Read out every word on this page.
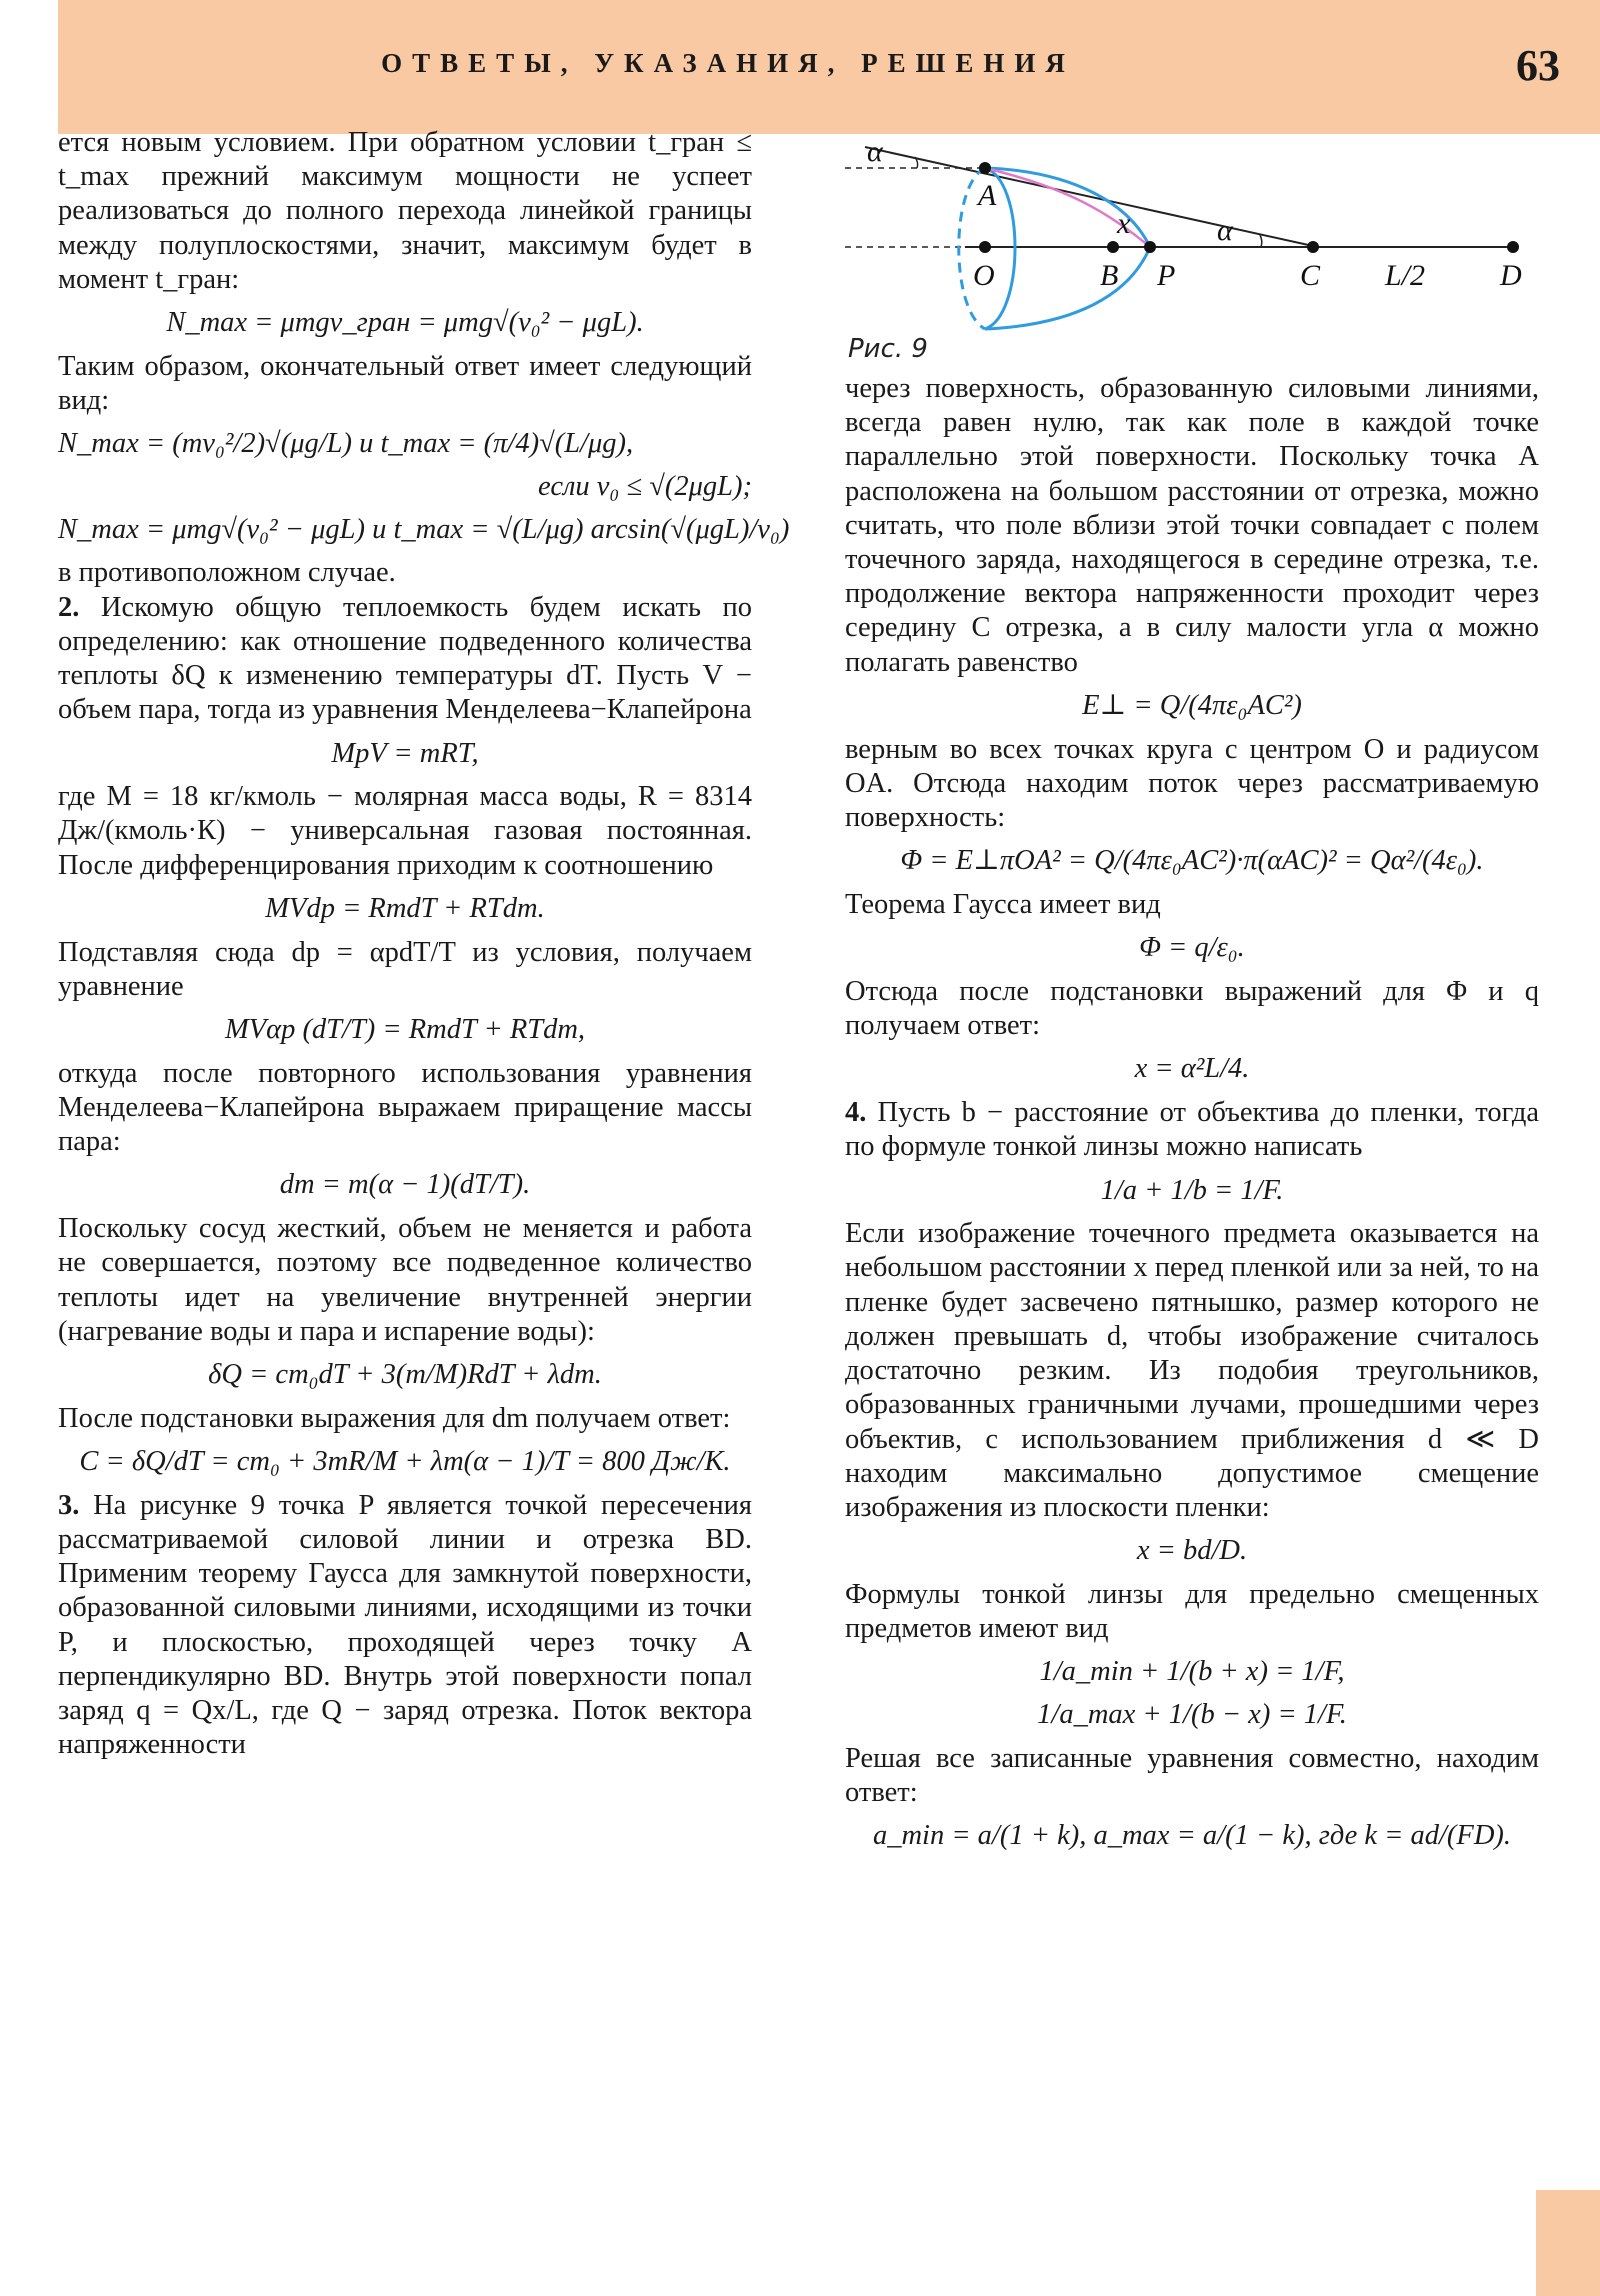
ОТВЕТЫ, УКАЗАНИЯ, РЕШЕНИЯ	63
α
A
x	α
O	B P	C L/2 D
Рис. 9

ется новым условием. При обратном условии t_гран ≤ t_max прежний максимум мощности не успеет реализоваться до полного перехода линейкой границы между полуплоскостями, значит, максимум будет в момент t_гран:

N_max = μmgv_гран = μmg√(v₀² − μgL).

Таким образом, окончательный ответ имеет следующий вид:

N_max = (mv₀²/2)√(μg/L) и t_max = (π/4)√(L/μg),
если v₀ ≤ √(2μgL);
N_max = μmg√(v₀² − μgL) и t_max = √(L/μg) arcsin(√(μgL)/v₀)

в противоположном случае.

2. Искомую общую теплоемкость будем искать по определению: как отношение подведенного количества теплоты δQ к изменению температуры dT. Пусть V − объем пара, тогда из уравнения Менделеева−Клапейрона

MpV = mRT,

где M = 18 кг/кмоль − молярная масса воды, R = 8314 Дж/(кмоль·К) − универсальная газовая постоянная. После дифференцирования приходим к соотношению

MVdp = RmdT + RTdm.

Подставляя сюда dp = αpdT/T из условия, получаем уравнение

MVαp (dT/T) = RmdT + RTdm,

откуда после повторного использования уравнения Менделеева−Клапейрона выражаем приращение массы пара:

dm = m(α − 1)(dT/T).

Поскольку сосуд жесткий, объем не меняется и работа не совершается, поэтому все подведенное количество теплоты идет на увеличение внутренней энергии (нагревание воды и пара и испарение воды):

δQ = cm₀dT + 3(m/M)RdT + λdm.

После подстановки выражения для dm получаем ответ:

C = δQ/dT = cm₀ + 3mR/M + λm(α − 1)/T = 800 Дж/К.

3. На рисунке 9 точка P является точкой пересечения рассматриваемой силовой линии и отрезка BD. Применим теорему Гаусса для замкнутой поверхности, образованной силовыми линиями, исходящими из точки P, и плоскостью, проходящей через точку A перпендикулярно BD. Внутрь этой поверхности попал заряд q = Qx/L, где Q − заряд отрезка. Поток вектора напряженности

через поверхность, образованную силовыми линиями, всегда равен нулю, так как поле в каждой точке параллельно этой поверхности. Поскольку точка A расположена на большом расстоянии от отрезка, можно считать, что поле вблизи этой точки совпадает с полем точечного заряда, находящегося в середине отрезка, т.е. продолжение вектора напряженности проходит через середину C отрезка, а в силу малости угла α можно полагать равенство

E⊥ = Q/(4πε₀AC²)

верным во всех точках круга с центром O и радиусом OA. Отсюда находим поток через рассматриваемую поверхность:

Φ = E⊥πOA² = Q/(4πε₀AC²)·π(αAC)² = Qα²/(4ε₀).

Теорема Гаусса имеет вид

Φ = q/ε₀.

Отсюда после подстановки выражений для Φ и q получаем ответ:

x = α²L/4.

4. Пусть b − расстояние от объектива до пленки, тогда по формуле тонкой линзы можно написать

1/a + 1/b = 1/F.

Если изображение точечного предмета оказывается на небольшом расстоянии x перед пленкой или за ней, то на пленке будет засвечено пятнышко, размер которого не должен превышать d, чтобы изображение считалось достаточно резким. Из подобия треугольников, образованных граничными лучами, прошедшими через объектив, с использованием приближения d ≪ D находим максимально допустимое смещение изображения из плоскости пленки:

x = bd/D.

Формулы тонкой линзы для предельно смещенных предметов имеют вид

1/a_min + 1/(b + x) = 1/F,
1/a_max + 1/(b − x) = 1/F.

Решая все записанные уравнения совместно, находим ответ:

a_min = a/(1 + k), a_max = a/(1 − k), где k = ad/(FD).
